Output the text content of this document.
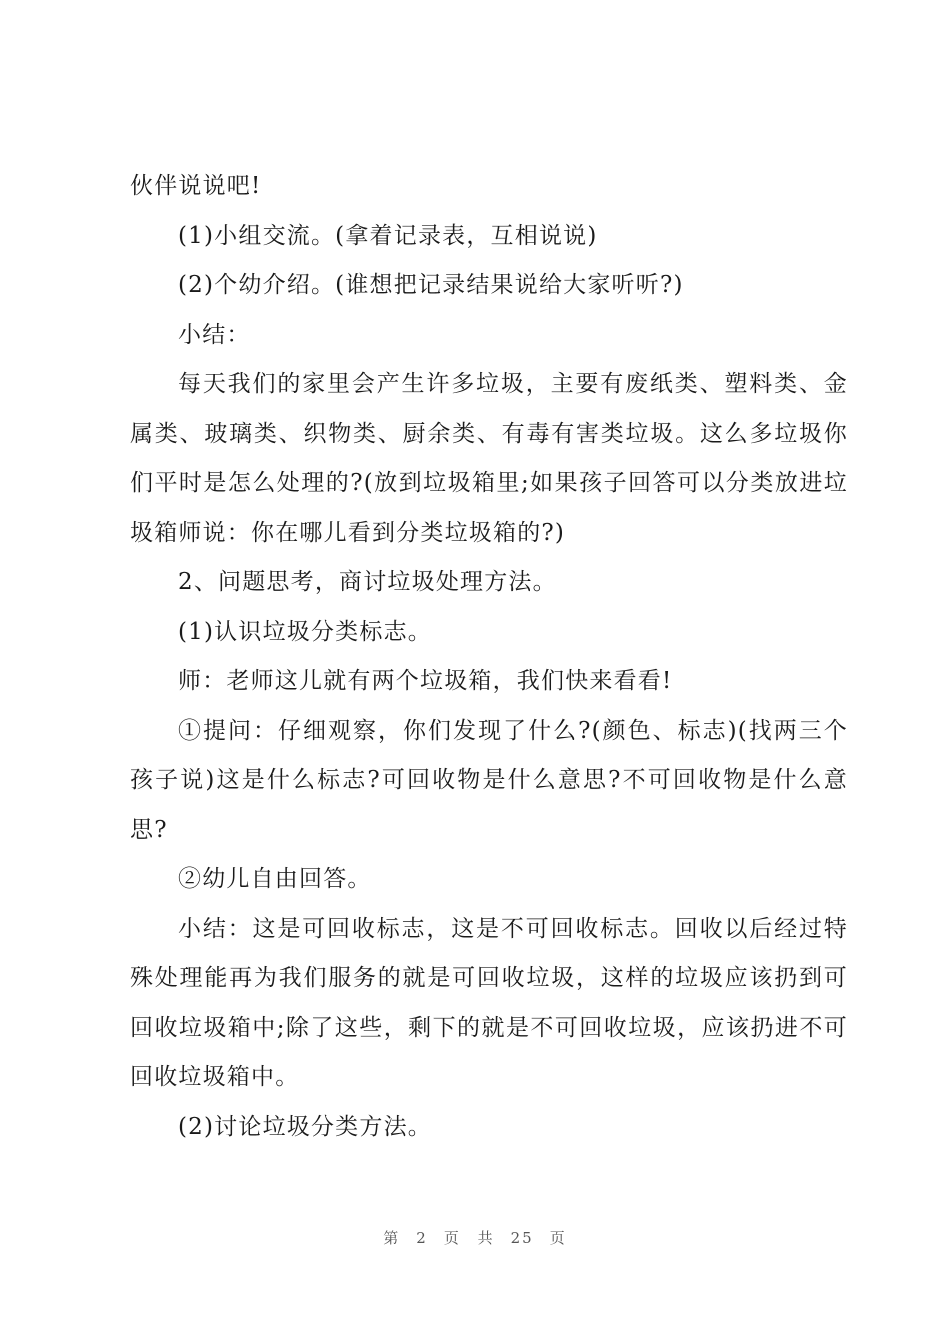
伙伴说说吧!

(1)小组交流。(拿着记录表，互相说说)

(2)个幼介绍。(谁想把记录结果说给大家听听?)

小结：

每天我们的家里会产生许多垃圾，主要有废纸类、塑料类、金属类、玻璃类、织物类、厨余类、有毒有害类垃圾。这么多垃圾你们平时是怎么处理的?(放到垃圾箱里;如果孩子回答可以分类放进垃圾箱师说：你在哪儿看到分类垃圾箱的?)

2、问题思考，商讨垃圾处理方法。

(1)认识垃圾分类标志。

师：老师这儿就有两个垃圾箱，我们快来看看!

①提问：仔细观察，你们发现了什么?(颜色、标志)(找两三个孩子说)这是什么标志?可回收物是什么意思?不可回收物是什么意思?

②幼儿自由回答。

小结：这是可回收标志，这是不可回收标志。回收以后经过特殊处理能再为我们服务的就是可回收垃圾，这样的垃圾应该扔到可回收垃圾箱中;除了这些，剩下的就是不可回收垃圾，应该扔进不可回收垃圾箱中。

(2)讨论垃圾分类方法。

第 2 页 共 25 页
